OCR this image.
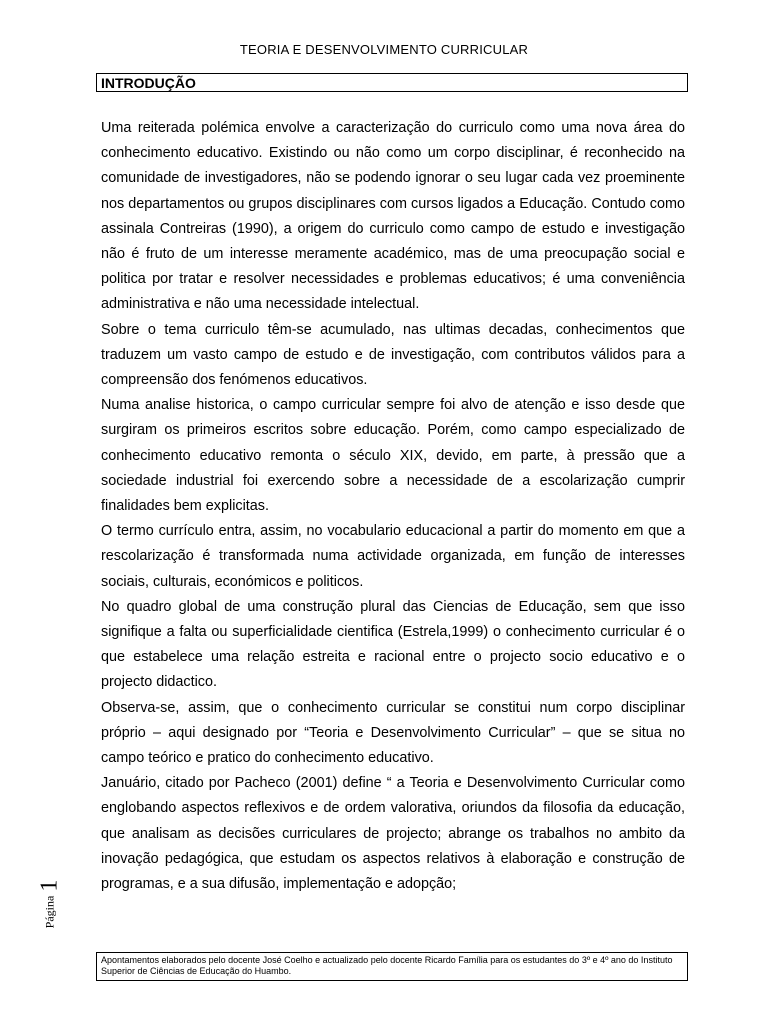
TEORIA E DESENVOLVIMENTO CURRICULAR
INTRODUÇÃO

Uma reiterada polémica envolve a caracterização do curriculo como uma nova área do conhecimento educativo. Existindo ou não como um corpo disciplinar, é reconhecido na comunidade de investigadores, não se podendo ignorar o seu lugar cada vez proeminente nos departamentos ou grupos disciplinares com cursos ligados a Educação. Contudo como assinala Contreiras (1990), a origem do curriculo como campo de estudo e investigação não é fruto de um interesse meramente académico, mas de uma preocupação social e politica por tratar e resolver necessidades e problemas educativos; é uma conveniência administrativa e não uma necessidade intelectual.

Sobre o tema curriculo têm-se acumulado, nas ultimas decadas, conhecimentos que traduzem um vasto campo de estudo e de investigação, com contributos válidos para a compreensão dos fenómenos educativos.

Numa analise historica, o campo curricular sempre foi alvo de atenção e isso desde que surgiram os primeiros escritos sobre educação. Porém, como campo especializado de conhecimento educativo remonta o século XIX, devido, em parte, à pressão que a sociedade industrial foi exercendo sobre a necessidade de a escolarização cumprir finalidades bem explicitas.

O termo currículo entra, assim, no vocabulario educacional a partir do momento em que a rescolarização é transformada numa actividade organizada, em função de interesses sociais, culturais, económicos e politicos.

No quadro global de uma construção plural das Ciencias de Educação, sem que isso signifique a falta ou superficialidade cientifica (Estrela,1999) o conhecimento curricular é o que estabelece uma relação estreita e racional entre o projecto socio educativo e o projecto didactico.

Observa-se, assim, que o conhecimento curricular se constitui num corpo disciplinar próprio – aqui designado por “Teoria e Desenvolvimento Curricular” – que se situa no campo teórico e pratico do conhecimento educativo.

Januário, citado por Pacheco (2001) define “ a Teoria e Desenvolvimento Curricular como englobando aspectos reflexivos e de ordem valorativa, oriundos da filosofia da educação, que analisam as decisões curriculares de projecto; abrange os trabalhos no ambito da inovação pedagógica, que estudam os aspectos relativos à elaboração e construção de programas, e a sua difusão, implementação e adopção;

Página1
Apontamentos elaborados pelo docente José Coelho e actualizado pelo docente Ricardo Família para os estudantes do 3º e 4º ano do Instituto Superior de Ciências de Educação do Huambo.
